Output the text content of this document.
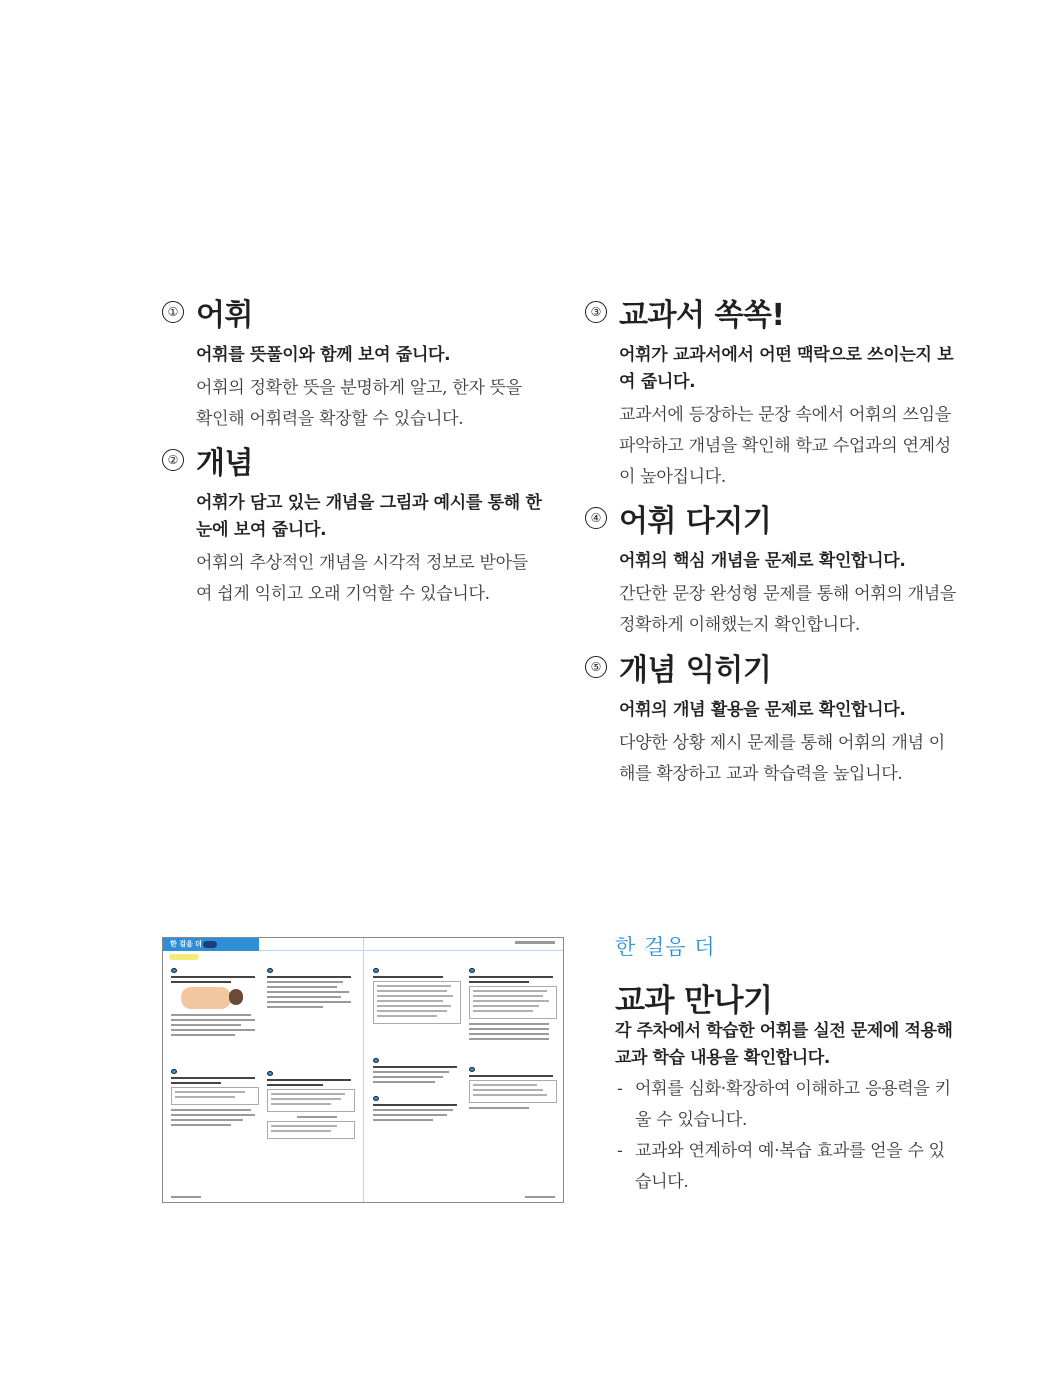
① 어휘
어휘를 뜻풀이와 함께 보여 줍니다.
어휘의 정확한 뜻을 분명하게 알고, 한자 뜻을 확인해 어휘력을 확장할 수 있습니다.
② 개념
어휘가 담고 있는 개념을 그림과 예시를 통해 한눈에 보여 줍니다.
어휘의 추상적인 개념을 시각적 정보로 받아들여 쉽게 익히고 오래 기억할 수 있습니다.
③ 교과서 쏙쏙!
어휘가 교과서에서 어떤 맥락으로 쓰이는지 보여 줍니다.
교과서에 등장하는 문장 속에서 어휘의 쓰임을 파악하고 개념을 확인해 학교 수업과의 연계성이 높아집니다.
④ 어휘 다지기
어휘의 핵심 개념을 문제로 확인합니다.
간단한 문장 완성형 문제를 통해 어휘의 개념을 정확하게 이해했는지 확인합니다.
⑤ 개념 익히기
어휘의 개념 활용을 문제로 확인합니다.
다양한 상황 제시 문제를 통해 어휘의 개념 이해를 확장하고 교과 학습력을 높입니다.
한 걸음 더	한 걸음 더
교과 만나기
각 주차에서 학습한 어휘를 실전 문제에 적용해 교과 학습 내용을 확인합니다.
- 어휘를 심화·확장하여 이해하고 응용력을 키울 수 있습니다.
- 교과와 연계하여 예·복습 효과를 얻을 수 있습니다.
